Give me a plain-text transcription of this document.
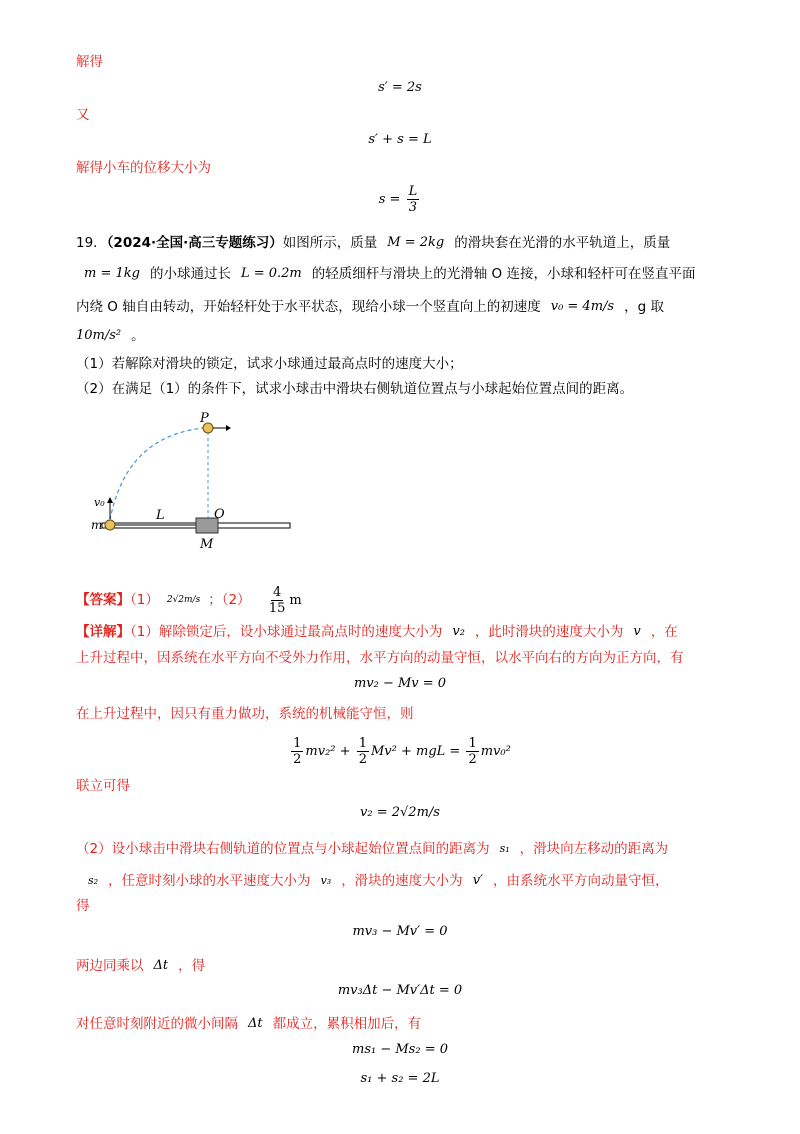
解得
s′ = 2s
又
s′ + s = L
解得小车的位移大小为
$s = \frac{L}{3}$
19．（2024·全国·高三专题练习）如图所示，质量 M = 2kg 的滑块套在光滑的水平轨道上，质量
m = 1kg 的小球通过长 L = 0.2m 的轻质细杆与滑块上的光滑轴 O 连接，小球和轻杆可在竖直平面
内绕 O 轴自由转动，开始轻杆处于水平状态，现给小球一个竖直向上的初速度 v₀ = 4m/s ，g 取
10m/s² 。
（1）若解除对滑块的锁定，试求小球通过最高点时的速度大小；
（2）在满足（1）的条件下，试求小球击中滑块右侧轨道位置点与小球起始位置点间的距离。
P
v₀
m
L	O
M
【答案】（1） 2√2m/s ；$(2) \frac{4}{15}$ m
【详解】（1）解除锁定后，设小球通过最高点时的速度大小为 v₂ ，此时滑块的速度大小为 v ，在
上升过程中，因系统在水平方向不受外力作用，水平方向的动量守恒，以水平向右的方向为正方向，有
mv₂ − Mv = 0
在上升过程中，因只有重力做功，系统的机械能守恒，则
$\frac{1}{2} mv_2^2 + \frac{1}{2} Mv^2$ + mgL = $\frac{1}{2} mv_0^2$
联立可得
v₂ = 2√2m/s
（2）设小球击中滑块右侧轨道的位置点与小球起始位置点间的距离为 s₁ ，滑块向左移动的距离为
s₂ ，任意时刻小球的水平速度大小为 v₃ ，滑块的速度大小为 v′ ，由系统水平方向动量守恒，
得
mv₃ − Mv′ = 0
两边同乘以 Δt ，得
mv₃Δt − Mv′Δt = 0
对任意时刻附近的微小间隔 Δt 都成立，累积相加后，有
ms₁ − Ms₂ = 0
s₁ + s₂ = 2L
